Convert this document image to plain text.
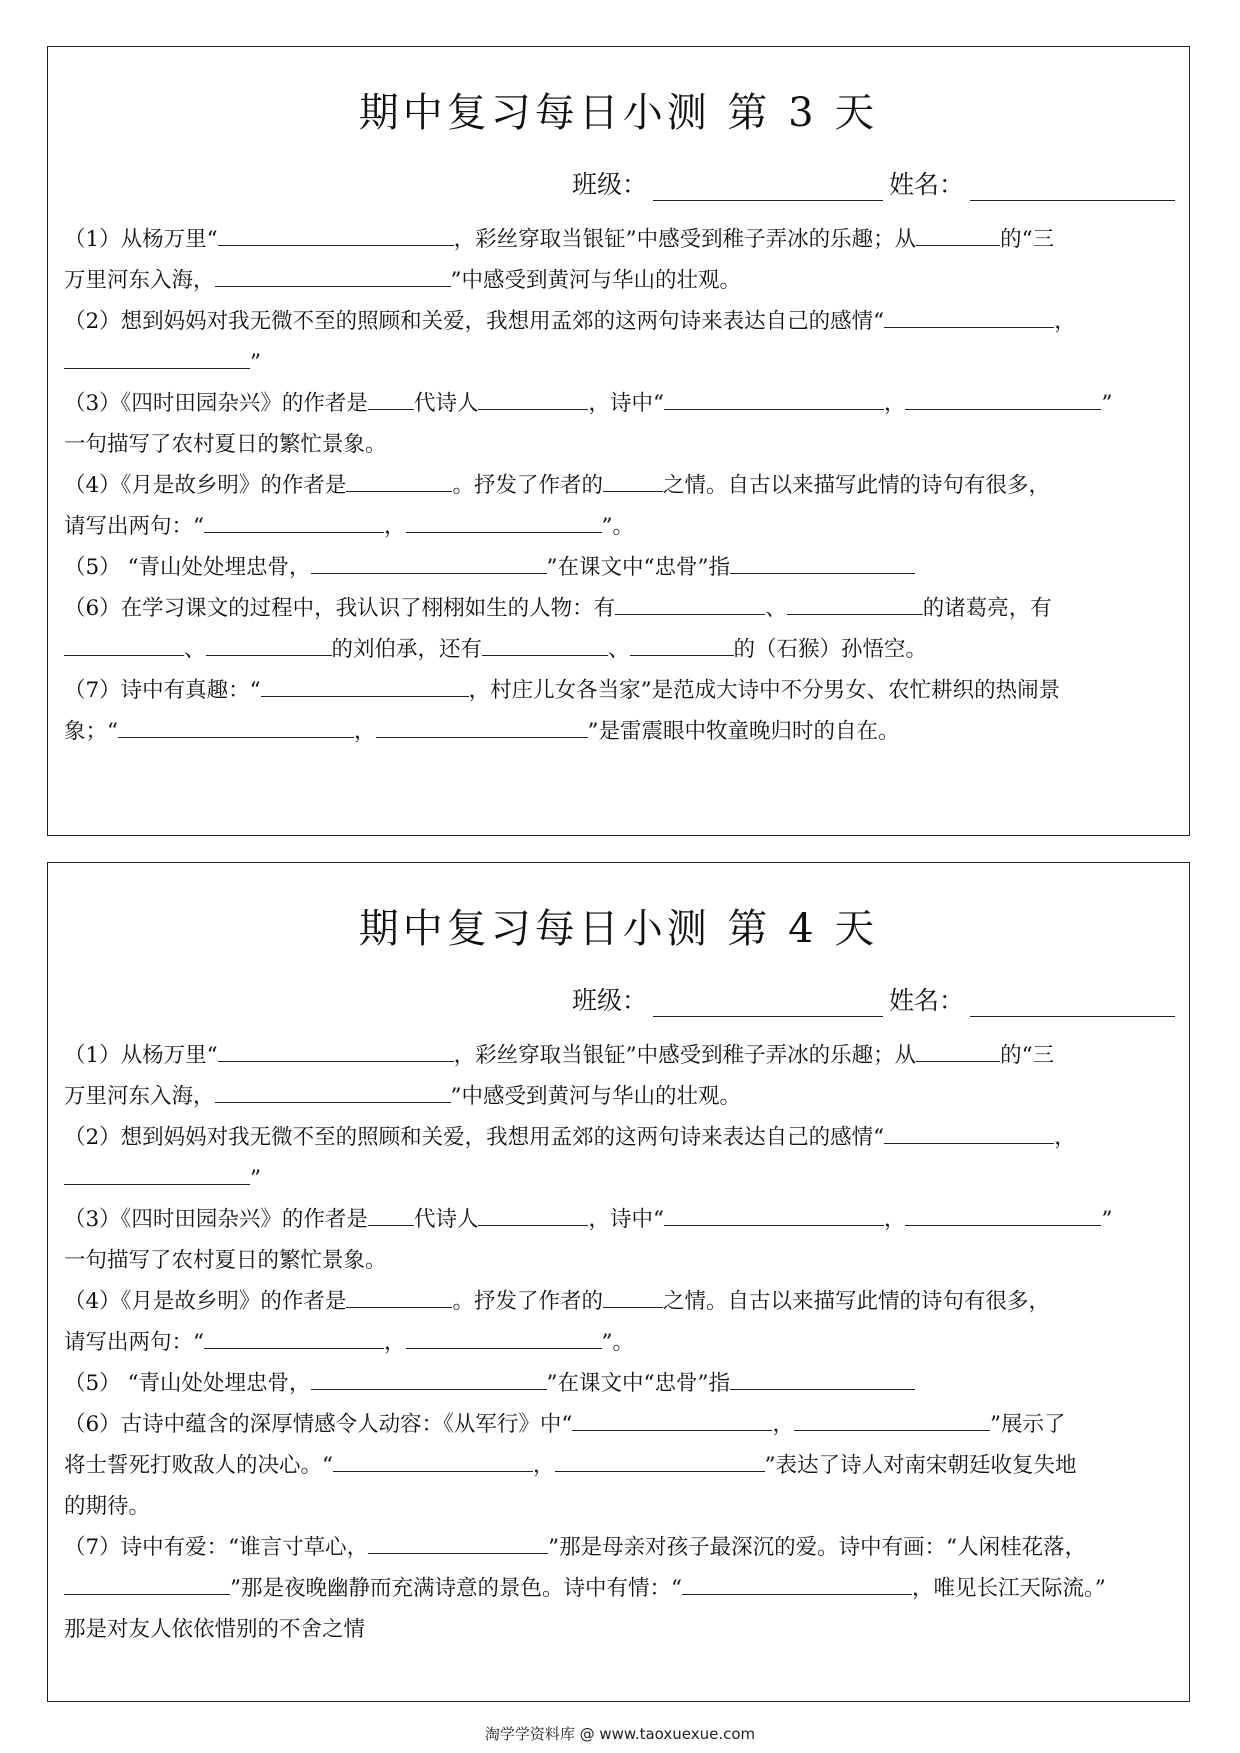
期中复习每日小测 第 3 天
班级：	姓名：

（1）从杨万里“	，彩丝穿取当银钲”中感受到稚子弄冰的乐趣；从	的“三

万里河东入海，	”中感受到黄河与华山的壮观。

（2）想到妈妈对我无微不至的照顾和关爱，我想用孟郊的这两句诗来表达自己的感情“	，

”

（3）《四时田园杂兴》的作者是 代诗人	，诗中“	，	”

一句描写了农村夏日的繁忙景象。

（4）《月是故乡明》的作者是	。抒发了作者的	之情。自古以来描写此情的诗句有很多，

请写出两句：“	，	”。

（5） “青山处处埋忠骨，	”在课文中“忠骨”指

（6）在学习课文的过程中，我认识了栩栩如生的人物：有	、	的诸葛亮，有

、	的刘伯承，还有	、	的（石猴）孙悟空。

（7）诗中有真趣：“	，村庄儿女各当家”是范成大诗中不分男女、农忙耕织的热闹景

象；“	，	”是雷震眼中牧童晚归时的自在。

期中复习每日小测 第 4 天
班级：	姓名：

（1）从杨万里“	，彩丝穿取当银钲”中感受到稚子弄冰的乐趣；从	的“三

万里河东入海，	”中感受到黄河与华山的壮观。

（2）想到妈妈对我无微不至的照顾和关爱，我想用孟郊的这两句诗来表达自己的感情“	，

”

（3）《四时田园杂兴》的作者是 代诗人	，诗中“	，	”

一句描写了农村夏日的繁忙景象。

（4）《月是故乡明》的作者是	。抒发了作者的	之情。自古以来描写此情的诗句有很多，

请写出两句：“	，	”。

（5） “青山处处埋忠骨，	”在课文中“忠骨”指

（6）古诗中蕴含的深厚情感令人动容：《从军行》中“	，	”展示了

将士誓死打败敌人的决心。“	，	”表达了诗人对南宋朝廷收复失地

的期待。

（7）诗中有爱：“谁言寸草心，	”那是母亲对孩子最深沉的爱。诗中有画：“人闲桂花落，

”那是夜晚幽静而充满诗意的景色。诗中有情：“	，唯见长江天际流。”

那是对友人依依惜别的不舍之情

淘学学资料库 @ www.taoxuexue.com
